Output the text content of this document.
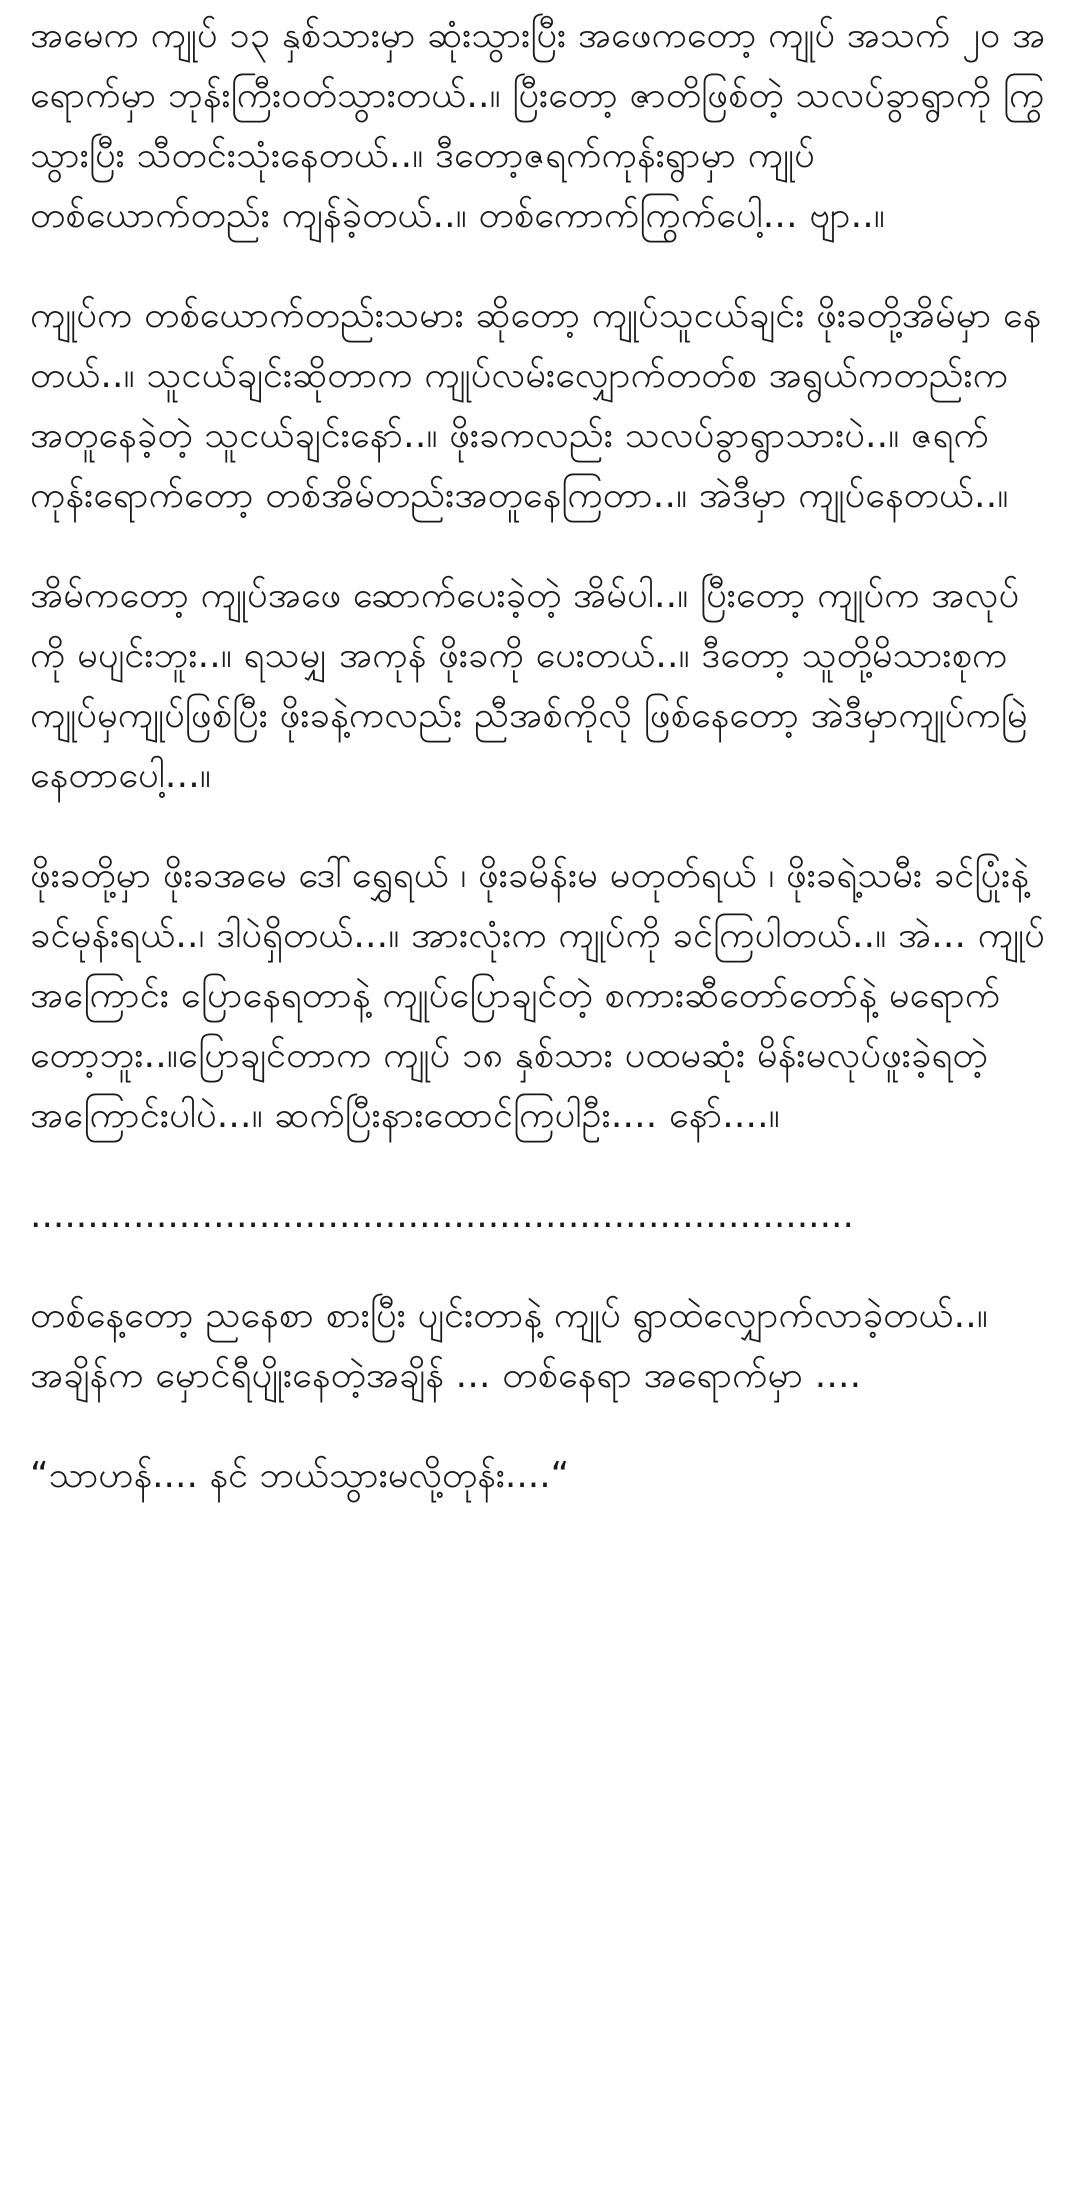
အမေက ကျုပ် ၁၃ နှစ်သားမှာ ဆုံးသွားပြီး အဖေကတော့ ကျုပ် အသက် ၂၀ အရောက်မှာ ဘုန်းကြီးဝတ်သွားတယ်..။ ပြီးတော့ ဇာတိဖြစ်တဲ့ သလပ်ခွာရွာကို ကြွသွားပြီး သီတင်းသုံးနေတယ်..။ ဒီတော့ဇရက်ကုန်းရွာမှာ ကျုပ်တစ်ယောက်တည်း ကျန်ခဲ့တယ်..။ တစ်ကောက်ကြွက်ပေါ့... ဗျာ..။

ကျုပ်က တစ်ယောက်တည်းသမား ဆိုတော့ ကျုပ်သူငယ်ချင်း ဖိုးခတို့အိမ်မှာ နေတယ်..။ သူငယ်ချင်းဆိုတာက ကျုပ်လမ်းလျှောက်တတ်စ အရွယ်ကတည်းက အတူနေခဲ့တဲ့ သူငယ်ချင်းနော်..။ ဖိုးခကလည်း သလပ်ခွာရွာသားပဲ..။ ဇရက်ကုန်းရောက်တော့ တစ်အိမ်တည်းအတူနေကြတာ..။ အဲဒီမှာ ကျုပ်နေတယ်..။

အိမ်ကတော့ ကျုပ်အဖေ ဆောက်ပေးခဲ့တဲ့ အိမ်ပါ..။ ပြီးတော့ ကျုပ်က အလုပ်ကို မပျင်းဘူး..။ ရသမျှ အကုန် ဖိုးခကို ပေးတယ်..။ ဒီတော့ သူတို့မိသားစုက ကျုပ်မှကျုပ်ဖြစ်ပြီး ဖိုးခနဲ့ကလည်း ညီအစ်ကိုလို ဖြစ်နေတော့ အဲဒီမှာကျုပ်ကမြဲနေတာပေါ့...။

ဖိုးခတို့မှာ ဖိုးခအမေ ဒေါ်ရွှေရယ် ၊ ဖိုးခမိန်းမ မတုတ်ရယ် ၊ ဖိုးခရဲ့သမီး ခင်ပြုံးနဲ့ ခင်မုန်းရယ်..၊ ဒါပဲရှိတယ်...။ အားလုံးက ကျုပ်ကို ခင်ကြပါတယ်..။ အဲ... ကျုပ်အကြောင်း ပြောနေရတာနဲ့ ကျုပ်ပြောချင်တဲ့ စကားဆီတော်တော်နဲ့ မရောက်တော့ဘူး..။ပြောချင်တာက ကျုပ် ၁၈ နှစ်သား ပထမဆုံး မိန်းမလုပ်ဖူးခဲ့ရတဲ့ အကြောင်းပါပဲ...။ ဆက်ပြီးနားထောင်ကြပါဦး.... နော်....။

........................................................................

တစ်နေ့တော့ ညနေစာ စားပြီး ပျင်းတာနဲ့ ကျုပ် ရွာထဲလျှောက်လာခဲ့တယ်..။ အချိန်က မှောင်ရီပျိုးနေတဲ့အချိန် ... တစ်နေရာ အရောက်မှာ ....

“သာဟန်.... နင် ဘယ်သွားမလို့တုန်း....“
